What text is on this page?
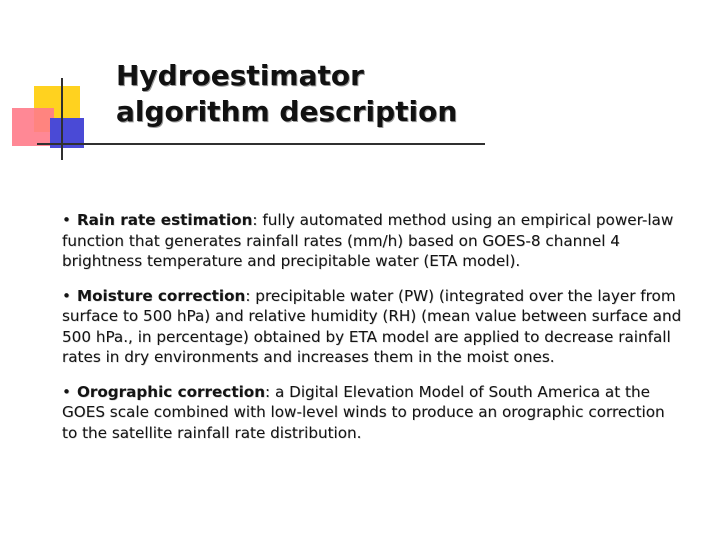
Hydroestimator
algorithm description

• Rain rate estimation: fully automated method using an empirical power-law function that generates rainfall rates (mm/h) based on GOES-8 channel 4 brightness temperature and precipitable water (ETA model).

• Moisture correction: precipitable water (PW) (integrated over the layer from surface to 500 hPa) and relative humidity (RH) (mean value between surface and 500 hPa., in percentage) obtained by ETA model are applied to decrease rainfall rates in dry environments and increases them in the moist ones.

• Orographic correction: a Digital Elevation Model of South America at the GOES scale combined with low-level winds to produce an orographic correction to the satellite rainfall rate distribution.
